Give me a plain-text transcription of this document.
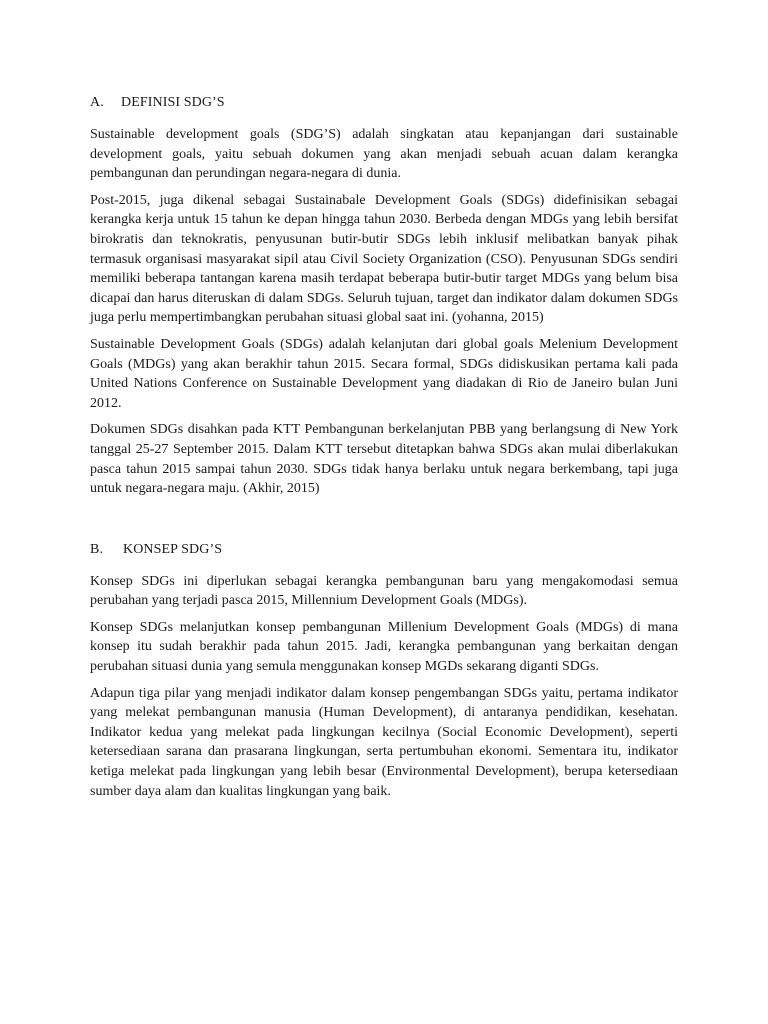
A.	DEFINISI SDG’S

Sustainable development goals (SDG’S) adalah singkatan atau kepanjangan dari sustainable development goals, yaitu sebuah dokumen yang akan menjadi sebuah acuan dalam kerangka pembangunan dan perundingan negara-negara di dunia.

Post-2015, juga dikenal sebagai Sustainabale Development Goals (SDGs) didefinisikan sebagai kerangka kerja untuk 15 tahun ke depan hingga tahun 2030. Berbeda dengan MDGs yang lebih bersifat birokratis dan teknokratis, penyusunan butir-butir SDGs lebih inklusif melibatkan banyak pihak termasuk organisasi masyarakat sipil atau Civil Society Organization (CSO). Penyusunan SDGs sendiri memiliki beberapa tantangan karena masih terdapat beberapa butir-butir target MDGs yang belum bisa dicapai dan harus diteruskan di dalam SDGs. Seluruh tujuan, target dan indikator dalam dokumen SDGs juga perlu mempertimbangkan perubahan situasi global saat ini. (yohanna, 2015)

Sustainable Development Goals (SDGs) adalah kelanjutan dari global goals Melenium Development Goals (MDGs) yang akan berakhir tahun 2015. Secara formal, SDGs didiskusikan pertama kali pada United Nations Conference on Sustainable Development yang diadakan di Rio de Janeiro bulan Juni 2012.

Dokumen SDGs disahkan pada KTT Pembangunan berkelanjutan PBB yang berlangsung di New York tanggal 25-27 September 2015. Dalam KTT tersebut ditetapkan bahwa SDGs akan mulai diberlakukan pasca tahun 2015 sampai tahun 2030. SDGs tidak hanya berlaku untuk negara berkembang, tapi juga untuk negara-negara maju. (Akhir, 2015)

B.	KONSEP SDG’S

Konsep SDGs ini diperlukan sebagai kerangka pembangunan baru yang mengakomodasi semua perubahan yang terjadi pasca 2015, Millennium Development Goals (MDGs).

Konsep SDGs melanjutkan konsep pembangunan Millenium Development Goals (MDGs) di mana konsep itu sudah berakhir pada tahun 2015. Jadi, kerangka pembangunan yang berkaitan dengan perubahan situasi dunia yang semula menggunakan konsep MGDs sekarang diganti SDGs.

Adapun tiga pilar yang menjadi indikator dalam konsep pengembangan SDGs yaitu, pertama indikator yang melekat pembangunan manusia (Human Development), di antaranya pendidikan, kesehatan. Indikator kedua yang melekat pada lingkungan kecilnya (Social Economic Development), seperti ketersediaan sarana dan prasarana lingkungan, serta pertumbuhan ekonomi. Sementara itu, indikator ketiga melekat pada lingkungan yang lebih besar (Environmental Development), berupa ketersediaan sumber daya alam dan kualitas lingkungan yang baik.
